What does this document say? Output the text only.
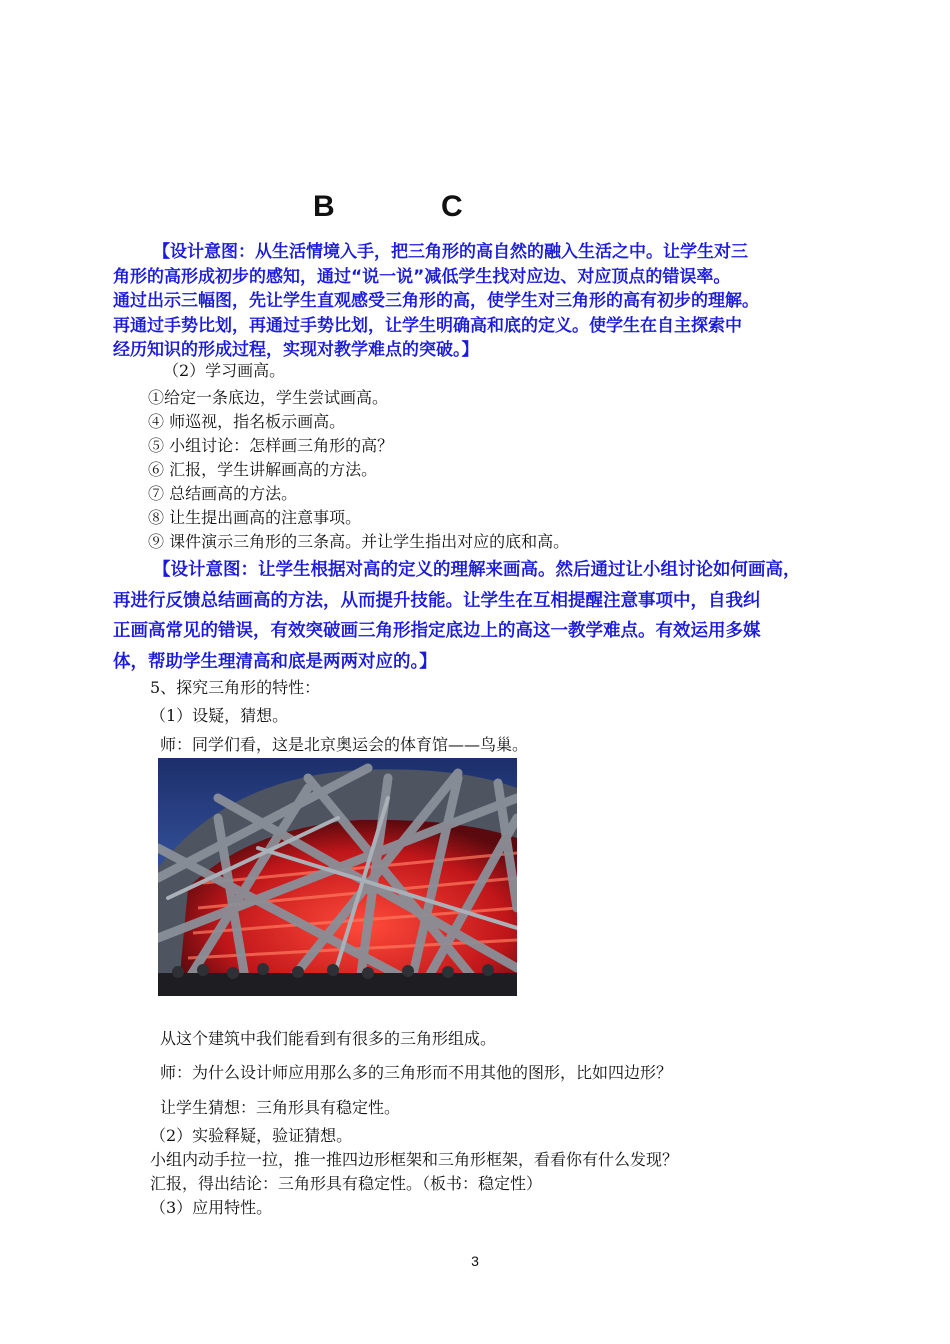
B	C

【设计意图：从生活情境入手，把三角形的高自然的融入生活之中。让学生对三

角形的高形成初步的感知，通过“说一说”减低学生找对应边、对应顶点的错误率。

通过出示三幅图，先让学生直观感受三角形的高，使学生对三角形的高有初步的理解。

再通过手势比划，再通过手势比划，让学生明确高和底的定义。使学生在自主探索中

经历知识的形成过程，实现对教学难点的突破。】

（2）学习画高。
①给定一条底边，学生尝试画高。
④ 师巡视，指名板示画高。
⑤ 小组讨论：怎样画三角形的高？
⑥ 汇报，学生讲解画高的方法。
⑦ 总结画高的方法。
⑧ 让生提出画高的注意事项。
⑨ 课件演示三角形的三条高。并让学生指出对应的底和高。

【设计意图：让学生根据对高的定义的理解来画高。然后通过让小组讨论如何画高，

再进行反馈总结画高的方法，从而提升技能。让学生在互相提醒注意事项中，自我纠

正画高常见的错误，有效突破画三角形指定底边上的高这一教学难点。有效运用多媒

体，帮助学生理清高和底是两两对应的。】

5、探究三角形的特性：
（1）设疑，猜想。
师：同学们看，这是北京奥运会的体育馆——鸟巢。
从这个建筑中我们能看到有很多的三角形组成。
师：为什么设计师应用那么多的三角形而不用其他的图形，比如四边形？
让学生猜想：三角形具有稳定性。
（2）实验释疑，验证猜想。
小组内动手拉一拉，推一推四边形框架和三角形框架，看看你有什么发现？
汇报，得出结论：三角形具有稳定性。（板书：稳定性）
（3）应用特性。
3
